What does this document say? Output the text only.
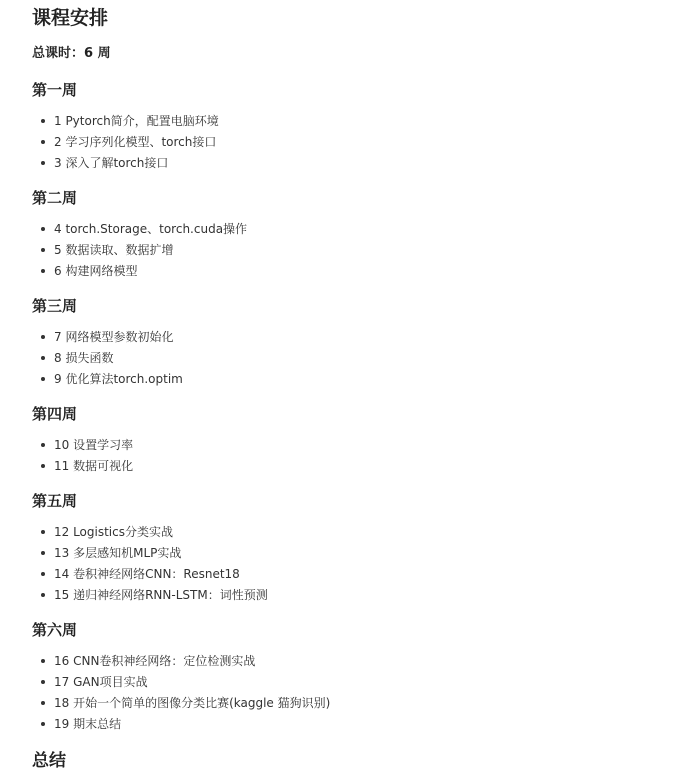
课程安排
总课时：6 周
第一周
1 Pytorch简介，配置电脑环境
2 学习序列化模型、torch接口
3 深入了解torch接口
第二周
4 torch.Storage、torch.cuda操作
5 数据读取、数据扩增
6 构建网络模型
第三周
7 网络模型参数初始化
8 损失函数
9 优化算法torch.optim
第四周
10 设置学习率
11 数据可视化
第五周
12 Logistics分类实战
13 多层感知机MLP实战
14 卷积神经网络CNN：Resnet18
15 递归神经网络RNN-LSTM：词性预测
第六周
16 CNN卷积神经网络：定位检测实战
17 GAN项目实战
18 开始一个简单的图像分类比赛(kaggle 猫狗识别)
19 期末总结
总结
